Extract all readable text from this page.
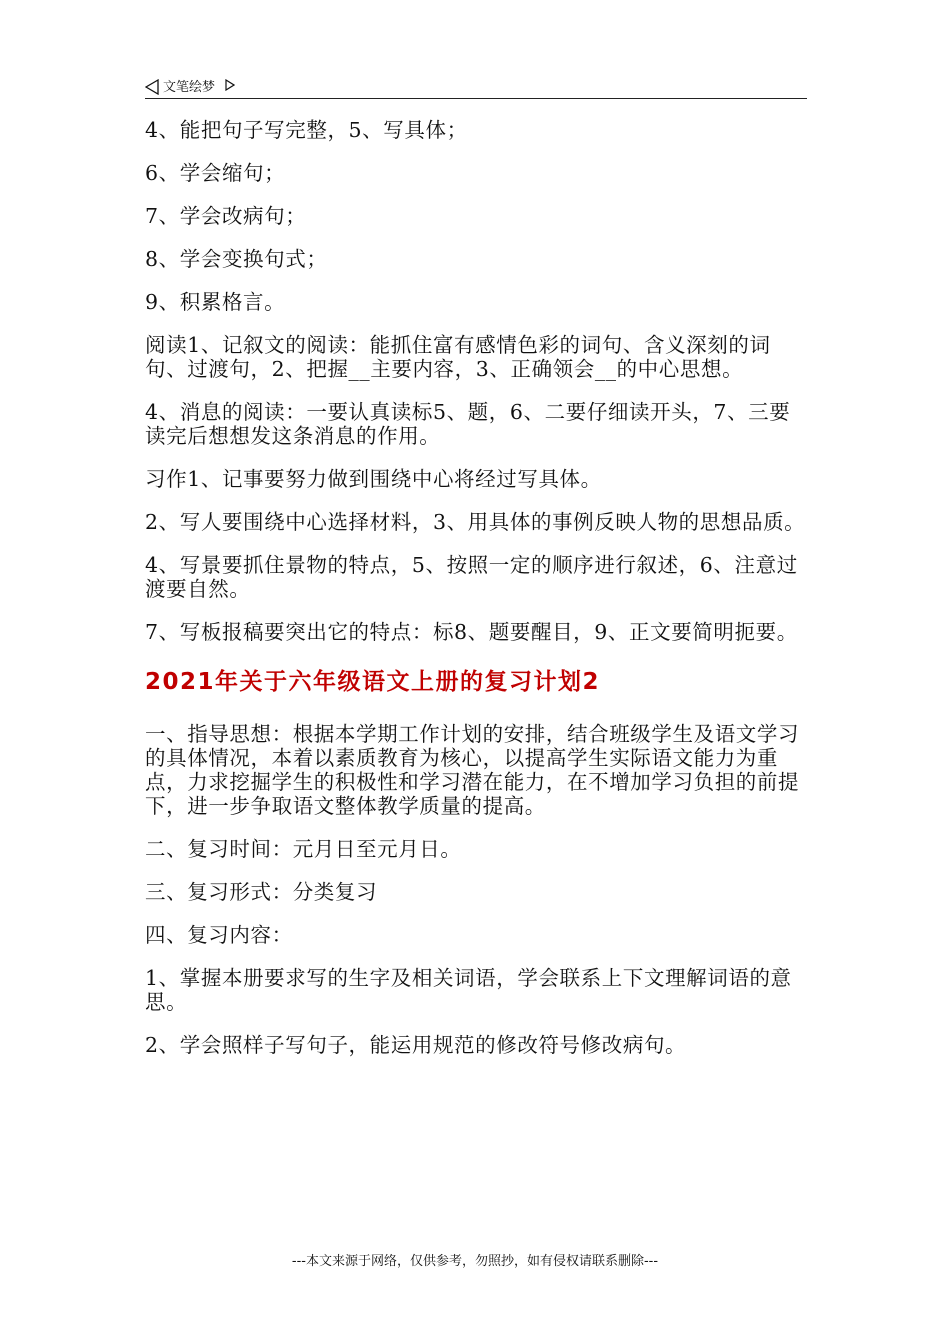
文笔绘梦

4、能把句子写完整，5、写具体；

6、学会缩句；

7、学会改病句；

8、学会变换句式；

9、积累格言。

阅读1、记叙文的阅读：能抓住富有感情色彩的词句、含义深刻的词句、过渡句，2、把握__主要内容，3、正确领会__的中心思想。

4、消息的阅读：一要认真读标5、题，6、二要仔细读开头，7、三要读完后想想发这条消息的作用。

习作1、记事要努力做到围绕中心将经过写具体。

2、写人要围绕中心选择材料，3、用具体的事例反映人物的思想品质。

4、写景要抓住景物的特点，5、按照一定的顺序进行叙述，6、注意过渡要自然。

7、写板报稿要突出它的特点：标8、题要醒目，9、正文要简明扼要。

2021年关于六年级语文上册的复习计划2

一、指导思想：根据本学期工作计划的安排，结合班级学生及语文学习的具体情况，本着以素质教育为核心，以提高学生实际语文能力为重点，力求挖掘学生的积极性和学习潜在能力，在不增加学习负担的前提下，进一步争取语文整体教学质量的提高。

二、复习时间：元月日至元月日。

三、复习形式：分类复习

四、复习内容：

1、掌握本册要求写的生字及相关词语，学会联系上下文理解词语的意思。

2、学会照样子写句子，能运用规范的修改符号修改病句。

---本文来源于网络，仅供参考，勿照抄，如有侵权请联系删除---
